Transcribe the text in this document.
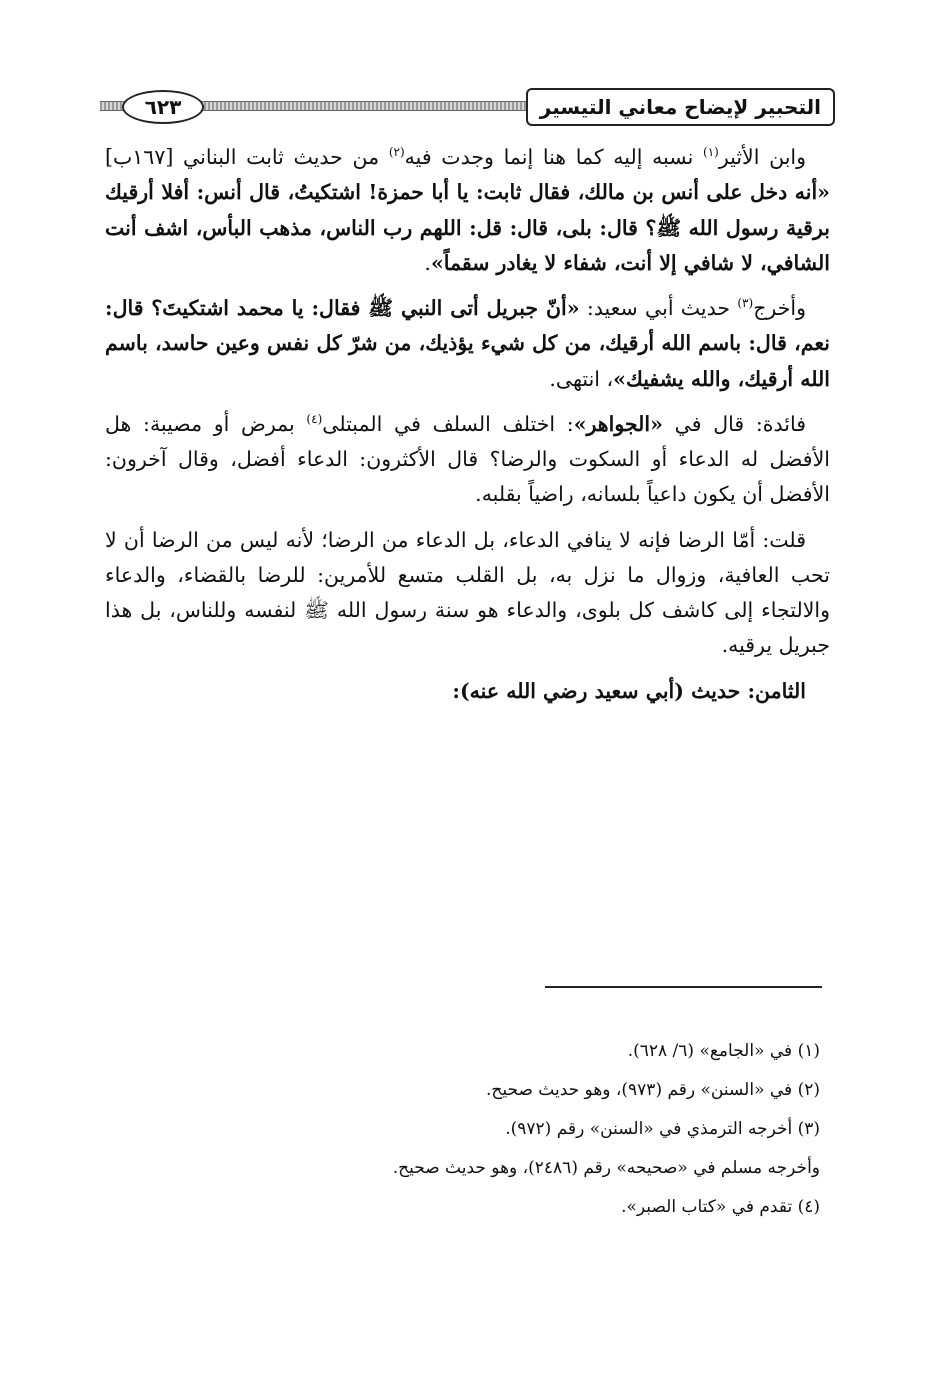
التحبير لإيضاح معاني التيسير
٦٢٣

وابن الأثير$^{(١)}$ نسبه إليه كما هنا إنما وجدت فيه$^{(٢)}$ من حديث ثابت البناني [١٦٧ب] «أنه دخل على أنس بن مالك، فقال ثابت: يا أبا حمزة! اشتكيتُ، قال أنس: أفلا أرقيك برقية رسول الله ﷺ؟ قال: بلى، قال: قل: اللهم رب الناس، مذهب البأس، اشف أنت الشافي، لا شافي إلا أنت، شفاء لا يغادر سقماً».

وأخرج$^{(٣)}$ حديث أبي سعيد: «أنّ جبريل أتى النبي ﷺ فقال: يا محمد اشتكيتَ؟ قال: نعم، قال: باسم الله أرقيك، من كل شيء يؤذيك، من شرّ كل نفس وعين حاسد، باسم الله أرقيك، والله يشفيك»، انتهى.

فائدة: قال في «الجواهر»: اختلف السلف في المبتلى$^{(٤)}$ بمرض أو مصيبة: هل الأفضل له الدعاء أو السكوت والرضا؟ قال الأكثرون: الدعاء أفضل، وقال آخرون: الأفضل أن يكون داعياً بلسانه، راضياً بقلبه.

قلت: أمّا الرضا فإنه لا ينافي الدعاء، بل الدعاء من الرضا؛ لأنه ليس من الرضا أن لا تحب العافية، وزوال ما نزل به، بل القلب متسع للأمرين: للرضا بالقضاء، والدعاء والالتجاء إلى كاشف كل بلوى، والدعاء هو سنة رسول الله ﷺ لنفسه وللناس، بل هذا جبريل يرقيه.

الثامن: حديث (أبي سعيد رضي الله عنه):

(١) في «الجامع» (٦/ ٦٢٨).
(٢) في «السنن» رقم (٩٧٣)، وهو حديث صحيح.
(٣) أخرجه الترمذي في «السنن» رقم (٩٧٢).
وأخرجه مسلم في «صحيحه» رقم (٢٤٨٦)، وهو حديث صحيح.
(٤) تقدم في «كتاب الصبر».
